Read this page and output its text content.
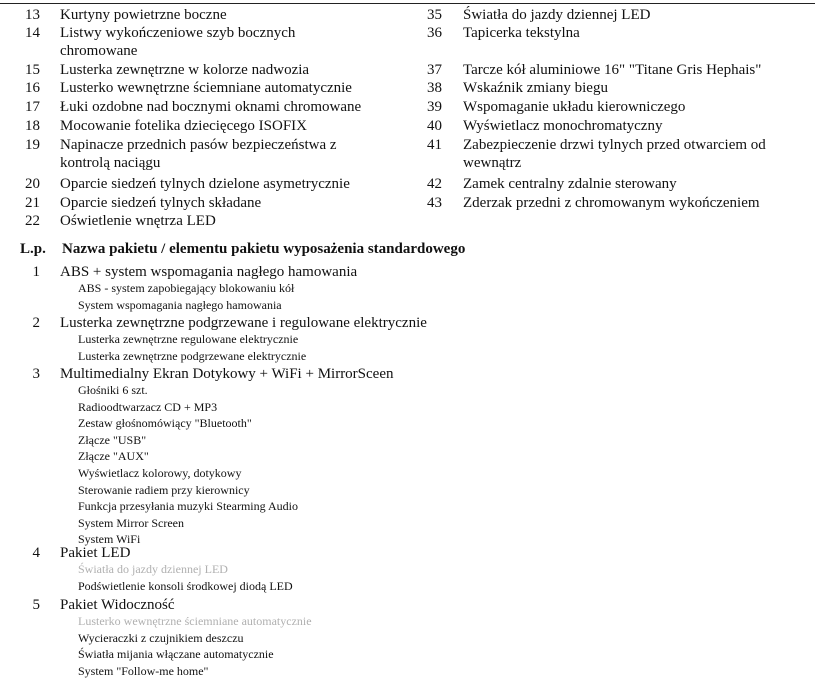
13 Kurtyny powietrzne boczne
14 Listwy wykończeniowe szyb bocznych
chromowane
15 Lusterka zewnętrzne w kolorze nadwozia
16 Lusterko wewnętrzne ściemniane automatycznie
17 Łuki ozdobne nad bocznymi oknami chromowane
18 Mocowanie fotelika dziecięcego ISOFIX
19 Napinacze przednich pasów bezpieczeństwa z
kontrolą naciągu
20 Oparcie siedzeń tylnych dzielone asymetrycznie
21 Oparcie siedzeń tylnych składane
22 Oświetlenie wnętrza LED
35 Światła do jazdy dziennej LED
36 Tapicerka tekstylna
37 Tarcze kół aluminiowe 16" "Titane Gris Hephais"
38 Wskaźnik zmiany biegu
39 Wspomaganie układu kierowniczego
40 Wyświetlacz monochromatyczny
41 Zabezpieczenie drzwi tylnych przed otwarciem od
wewnątrz
42 Zamek centralny zdalnie sterowany
43 Zderzak przedni z chromowanym wykończeniem
L.p. Nazwa pakietu / elementu pakietu wyposażenia standardowego
1 ABS + system wspomagania nagłego hamowania
ABS - system zapobiegający blokowaniu kół
System wspomagania nagłego hamowania
2 Lusterka zewnętrzne podgrzewane i regulowane elektrycznie
Lusterka zewnętrzne regulowane elektrycznie
Lusterka zewnętrzne podgrzewane elektrycznie
3 Multimedialny Ekran Dotykowy + WiFi + MirrorSceen
Głośniki 6 szt.
Radioodtwarzacz CD + MP3
Zestaw głośnomówiący "Bluetooth"
Złącze "USB"
Złącze "AUX"
Wyświetlacz kolorowy, dotykowy
Sterowanie radiem przy kierownicy
Funkcja przesyłania muzyki Stearming Audio
System Mirror Screen
System WiFi
4 Pakiet LED
Światła do jazdy dziennej LED
Podświetlenie konsoli środkowej diodą LED
5 Pakiet Widoczność
Lusterko wewnętrzne ściemniane automatycznie
Wycieraczki z czujnikiem deszczu
Światła mijania włączane automatycznie
System "Follow-me home"
